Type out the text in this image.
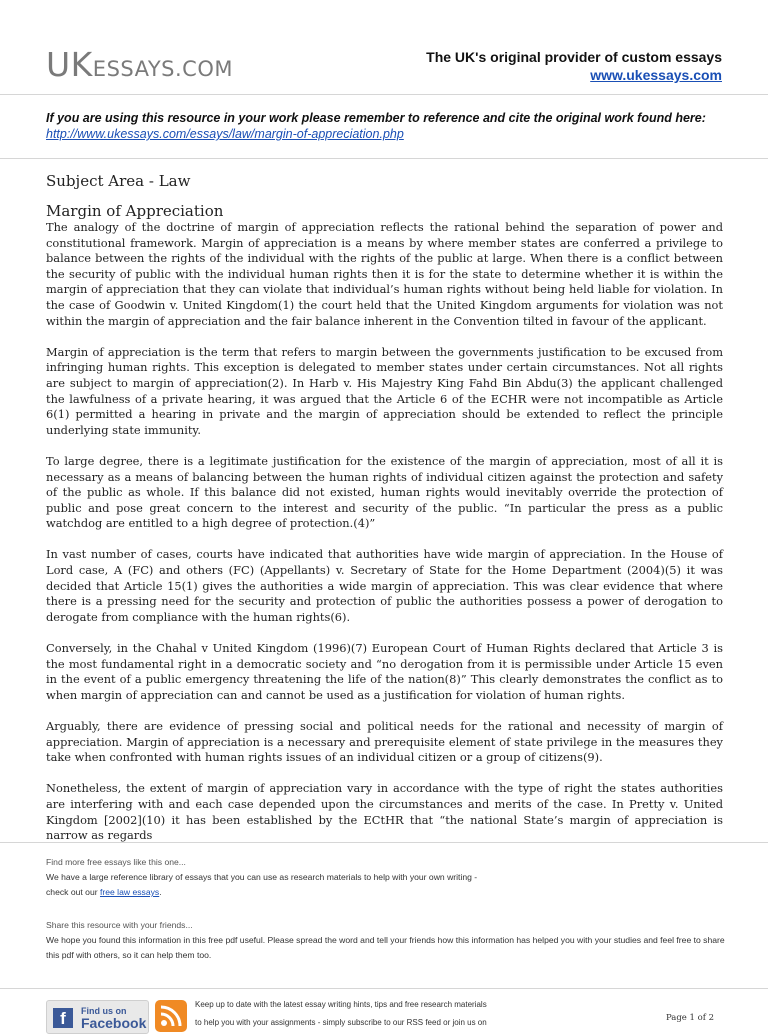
UKESSAYS.COM	The UK's original provider of custom essays
www.ukessays.com
If you are using this resource in your work please remember to reference and cite the original work found here:
http://www.ukessays.com/essays/law/margin-of-appreciation.php
Subject Area - Law
Margin of Appreciation

The analogy of the doctrine of margin of appreciation reflects the rational behind the separation of power and constitutional framework. Margin of appreciation is a means by where member states are conferred a privilege to balance between the rights of the individual with the rights of the public at large. When there is a conflict between the security of public with the individual human rights then it is for the state to determine whether it is within the margin of appreciation that they can violate that individual’s human rights without being held liable for violation. In the case of Goodwin v. United Kingdom(1) the court held that the United Kingdom arguments for violation was not within the margin of appreciation and the fair balance inherent in the Convention tilted in favour of the applicant.

Margin of appreciation is the term that refers to margin between the governments justification to be excused from infringing human rights. This exception is delegated to member states under certain circumstances. Not all rights are subject to margin of appreciation(2). In Harb v. His Majestry King Fahd Bin Abdu(3) the applicant challenged the lawfulness of a private hearing, it was argued that the Article 6 of the ECHR were not incompatible as Article 6(1) permitted a hearing in private and the margin of appreciation should be extended to reflect the principle underlying state immunity.

To large degree, there is a legitimate justification for the existence of the margin of appreciation, most of all it is necessary as a means of balancing between the human rights of individual citizen against the protection and safety of the public as whole. If this balance did not existed, human rights would inevitably override the protection of public and pose great concern to the interest and security of the public. “In particular the press as a public watchdog are entitled to a high degree of protection.(4)”

In vast number of cases, courts have indicated that authorities have wide margin of appreciation. In the House of Lord case, A (FC) and others (FC) (Appellants) v. Secretary of State for the Home Department (2004)(5) it was decided that Article 15(1) gives the authorities a wide margin of appreciation. This was clear evidence that where there is a pressing need for the security and protection of public the authorities possess a power of derogation to derogate from compliance with the human rights(6).

Conversely, in the Chahal v United Kingdom (1996)(7) European Court of Human Rights declared that Article 3 is the most fundamental right in a democratic society and “no derogation from it is permissible under Article 15 even in the event of a public emergency threatening the life of the nation(8)” This clearly demonstrates the conflict as to when margin of appreciation can and cannot be used as a justification for violation of human rights.

Arguably, there are evidence of pressing social and political needs for the rational and necessity of margin of appreciation. Margin of appreciation is a necessary and prerequisite element of state privilege in the measures they take when confronted with human rights issues of an individual citizen or a group of citizens(9).

Nonetheless, the extent of margin of appreciation vary in accordance with the type of right the states authorities are interfering with and each case depended upon the circumstances and merits of the case. In Pretty v. United Kingdom [2002](10) it has been established by the ECtHR that “the national State’s margin of appreciation is narrow as regards

Find more free essays like this one...
We have a large reference library of essays that you can use as research materials to help with your own writing -
check out our free law essays.
Share this resource with your friends...
We hope you found this information in this free pdf useful. Please spread the word and tell your friends how this information has helped you with your studies and feel free to share this pdf with others, so it can help them too.
f	Find us on
Facebook
Keep up to date with the latest essay writing hints, tips and free research materials
to help you with your assignments - simply subscribe to our RSS feed or join us on	Page 1 of 2
